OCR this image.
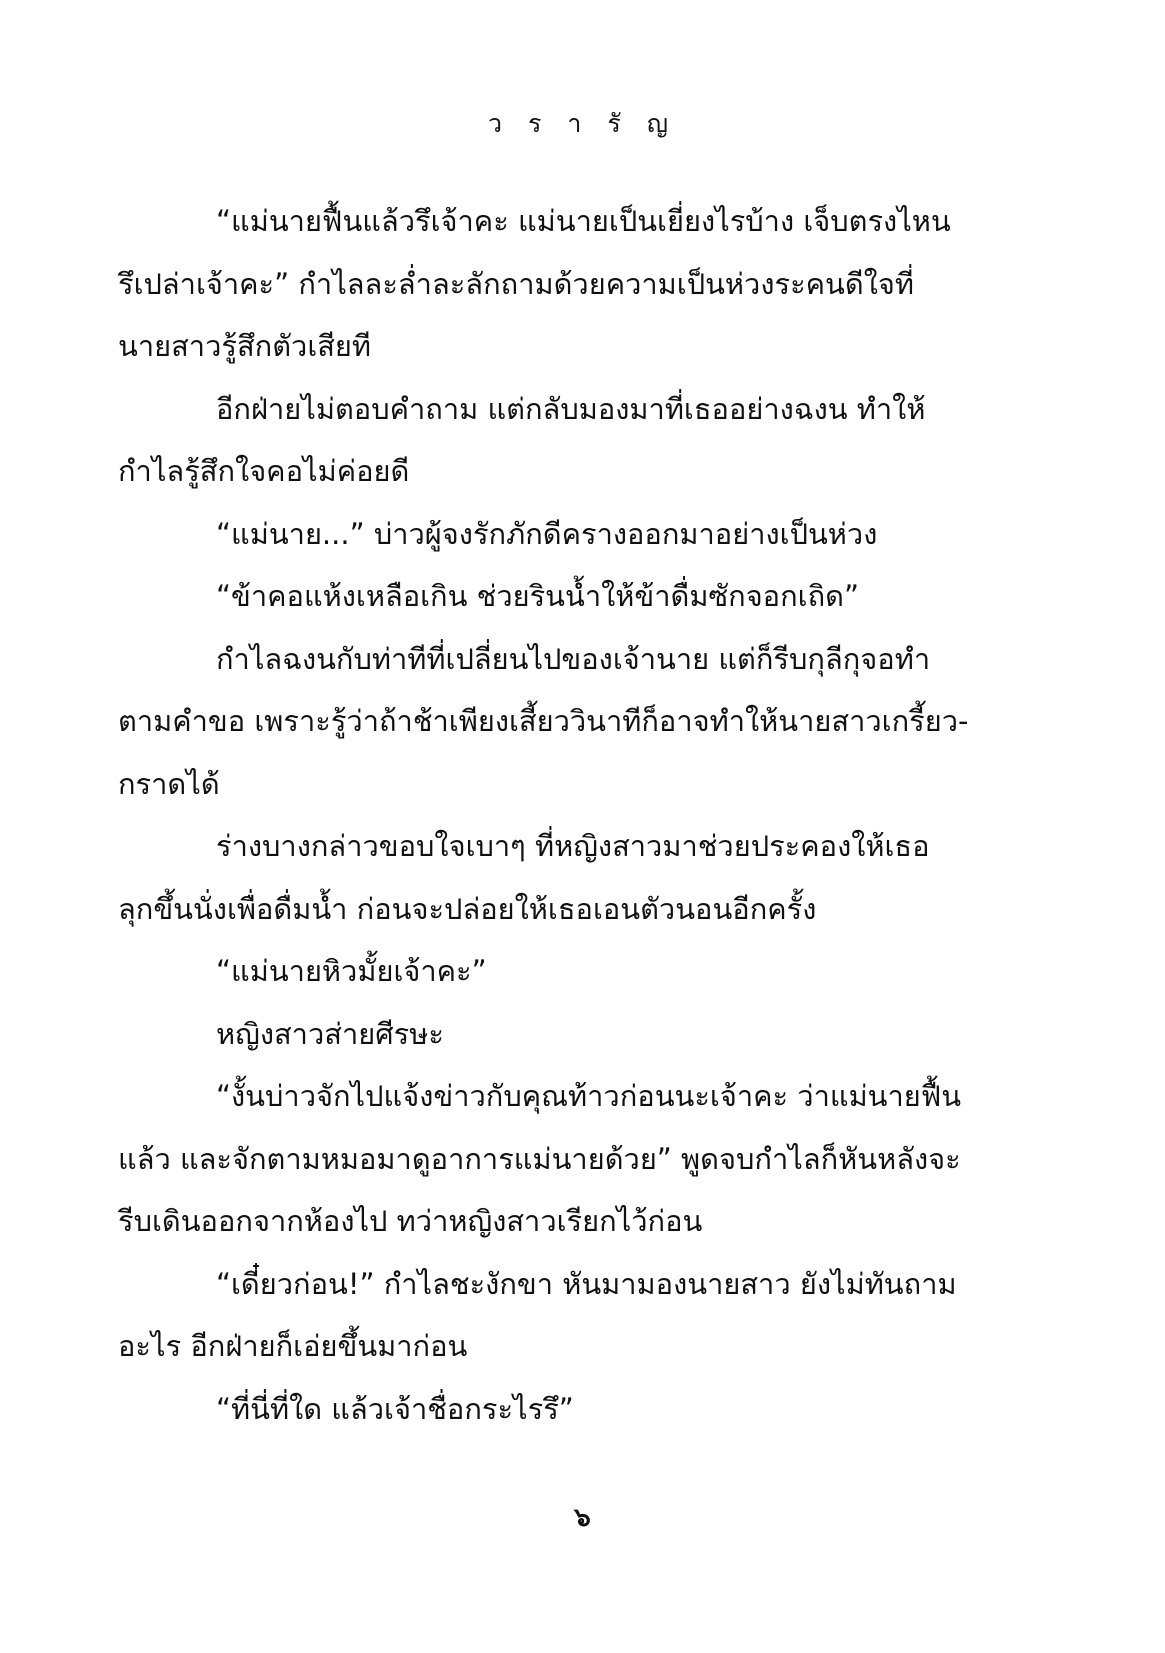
ว ร า รั ญ
“แม่นายฟื้นแล้วรึเจ้าคะ แม่นายเป็นเยี่ยงไรบ้าง เจ็บตรงไหน
รึเปล่าเจ้าคะ” กำไลละล่ำละลักถามด้วยความเป็นห่วงระคนดีใจที่
นายสาวรู้สึกตัวเสียที
อีกฝ่ายไม่ตอบคำถาม แต่กลับมองมาที่เธออย่างฉงน ทำให้
กำไลรู้สึกใจคอไม่ค่อยดี
“แม่นาย...” บ่าวผู้จงรักภักดีครางออกมาอย่างเป็นห่วง
“ข้าคอแห้งเหลือเกิน ช่วยรินน้ำให้ข้าดื่มซักจอกเถิด”
กำไลฉงนกับท่าทีที่เปลี่ยนไปของเจ้านาย แต่ก็รีบกุลีกุจอทำ
ตามคำขอ เพราะรู้ว่าถ้าช้าเพียงเสี้ยววินาทีก็อาจทำให้นายสาวเกรี้ยว-
กราดได้
ร่างบางกล่าวขอบใจเบาๆ ที่หญิงสาวมาช่วยประคองให้เธอ
ลุกขึ้นนั่งเพื่อดื่มน้ำ ก่อนจะปล่อยให้เธอเอนตัวนอนอีกครั้ง
“แม่นายหิวมั้ยเจ้าคะ”
หญิงสาวส่ายศีรษะ
“งั้นบ่าวจักไปแจ้งข่าวกับคุณท้าวก่อนนะเจ้าคะ ว่าแม่นายฟื้น
แล้ว และจักตามหมอมาดูอาการแม่นายด้วย” พูดจบกำไลก็หันหลังจะ
รีบเดินออกจากห้องไป ทว่าหญิงสาวเรียกไว้ก่อน
“เดี๋ยวก่อน!” กำไลชะงักขา หันมามองนายสาว ยังไม่ทันถาม
อะไร อีกฝ่ายก็เอ่ยขึ้นมาก่อน
“ที่นี่ที่ใด แล้วเจ้าชื่อกระไรรึ”
๖
